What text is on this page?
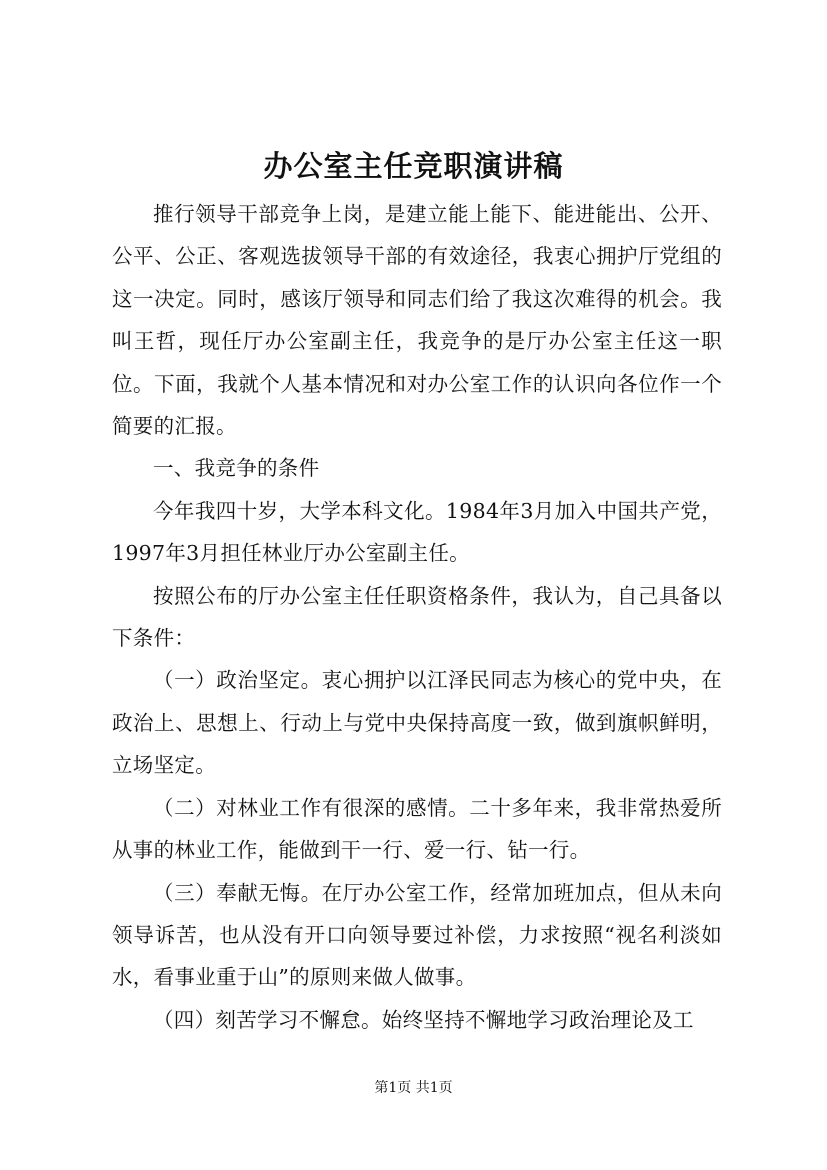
办公室主任竞职演讲稿

推行领导干部竞争上岗，是建立能上能下、能进能出、公开、公平、公正、客观选拔领导干部的有效途径，我衷心拥护厅党组的这一决定。同时，感该厅领导和同志们给了我这次难得的机会。我叫王哲，现任厅办公室副主任，我竞争的是厅办公室主任这一职位。下面，我就个人基本情况和对办公室工作的认识向各位作一个简要的汇报。

一、我竞争的条件

今年我四十岁，大学本科文化。1984年3月加入中国共产党，1997年3月担任林业厅办公室副主任。

按照公布的厅办公室主任任职资格条件，我认为，自己具备以下条件：

（一）政治坚定。衷心拥护以江泽民同志为核心的党中央，在政治上、思想上、行动上与党中央保持高度一致，做到旗帜鲜明，立场坚定。

（二）对林业工作有很深的感情。二十多年来，我非常热爱所从事的林业工作，能做到干一行、爱一行、钻一行。

（三）奉献无悔。在厅办公室工作，经常加班加点，但从未向领导诉苦，也从没有开口向领导要过补偿，力求按照“视名利淡如水，看事业重于山”的原则来做人做事。

（四）刻苦学习不懈怠。始终坚持不懈地学习政治理论及工

第1页 共1页
